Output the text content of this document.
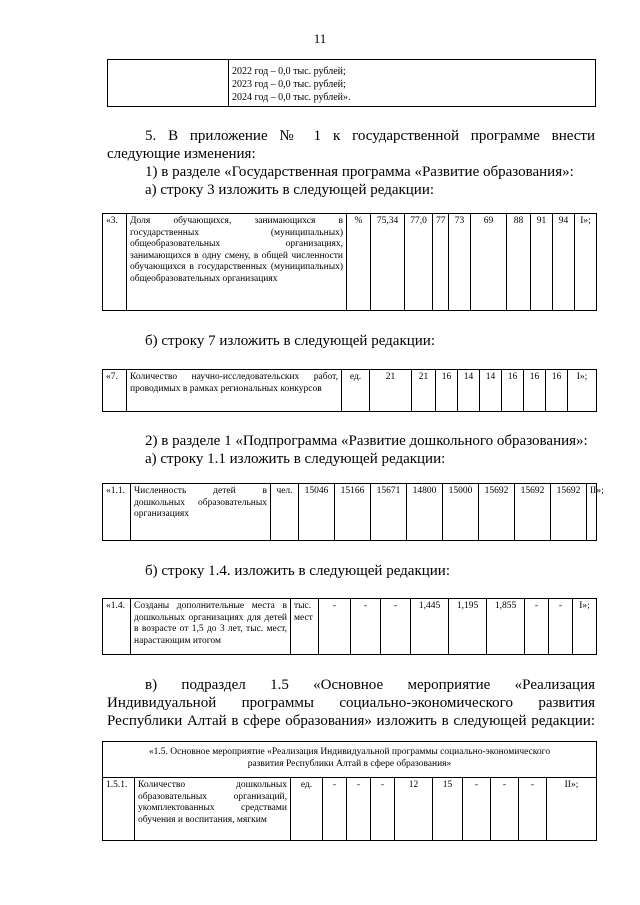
11

2022 год – 0,0 тыс. рублей;
2023 год – 0,0 тыс. рублей;
2024 год – 0,0 тыс. рублей».
5. В приложение № 1 к государственной программе внести
следующие изменения:
1) в разделе «Государственная программа «Развитие образования»:
а) строку 3 изложить в следующей редакции:
«3.	Доля обучающихся, занимающихся в государственных (муниципальных) общеобразовательных организациях, занимающихся в одну смену, в общей численности обучающихся в государственных (муниципальных) общеобразовательных организациях	%	75,34	77,0	77	73	69	88	91	94	I»;
б) строку 7 изложить в следующей редакции:
«7.	Количество научно-исследовательских работ, проводимых в рамках региональных конкурсов	ед.	21	21	16	14	14	16	16	16	I»;
2) в разделе 1 «Подпрограмма «Развитие дошкольного образования»:
а) строку 1.1 изложить в следующей редакции:
«1.1.	Численность детей в дошкольных образовательных организациях	чел.	15046	15166	15671	14800	15000	15692	15692	15692	II»;
б) строку 1.4. изложить в следующей редакции:
«1.4.	Созданы дополнительные места в дошкольных организациях для детей в возрасте от 1,5 до 3 лет, тыс. мест, нарастающим итогом	тыс. мест	-	-	-	1,445	1,195	1,855	-	-	I»;
в) подраздел 1.5 «Основное мероприятие «Реализация
Индивидуальной программы социально-экономического развития
Республики Алтай в сфере образования» изложить в следующей редакции:
«1.5. Основное мероприятие «Реализация Индивидуальной программы социально-экономического развития Республики Алтай в сфере образования»
1.5.1.	Количество дошкольных образовательных организаций, укомплектованных средствами обучения и воспитания, мягким	ед.	-	-	-	12	15	-	-	-	II»;
